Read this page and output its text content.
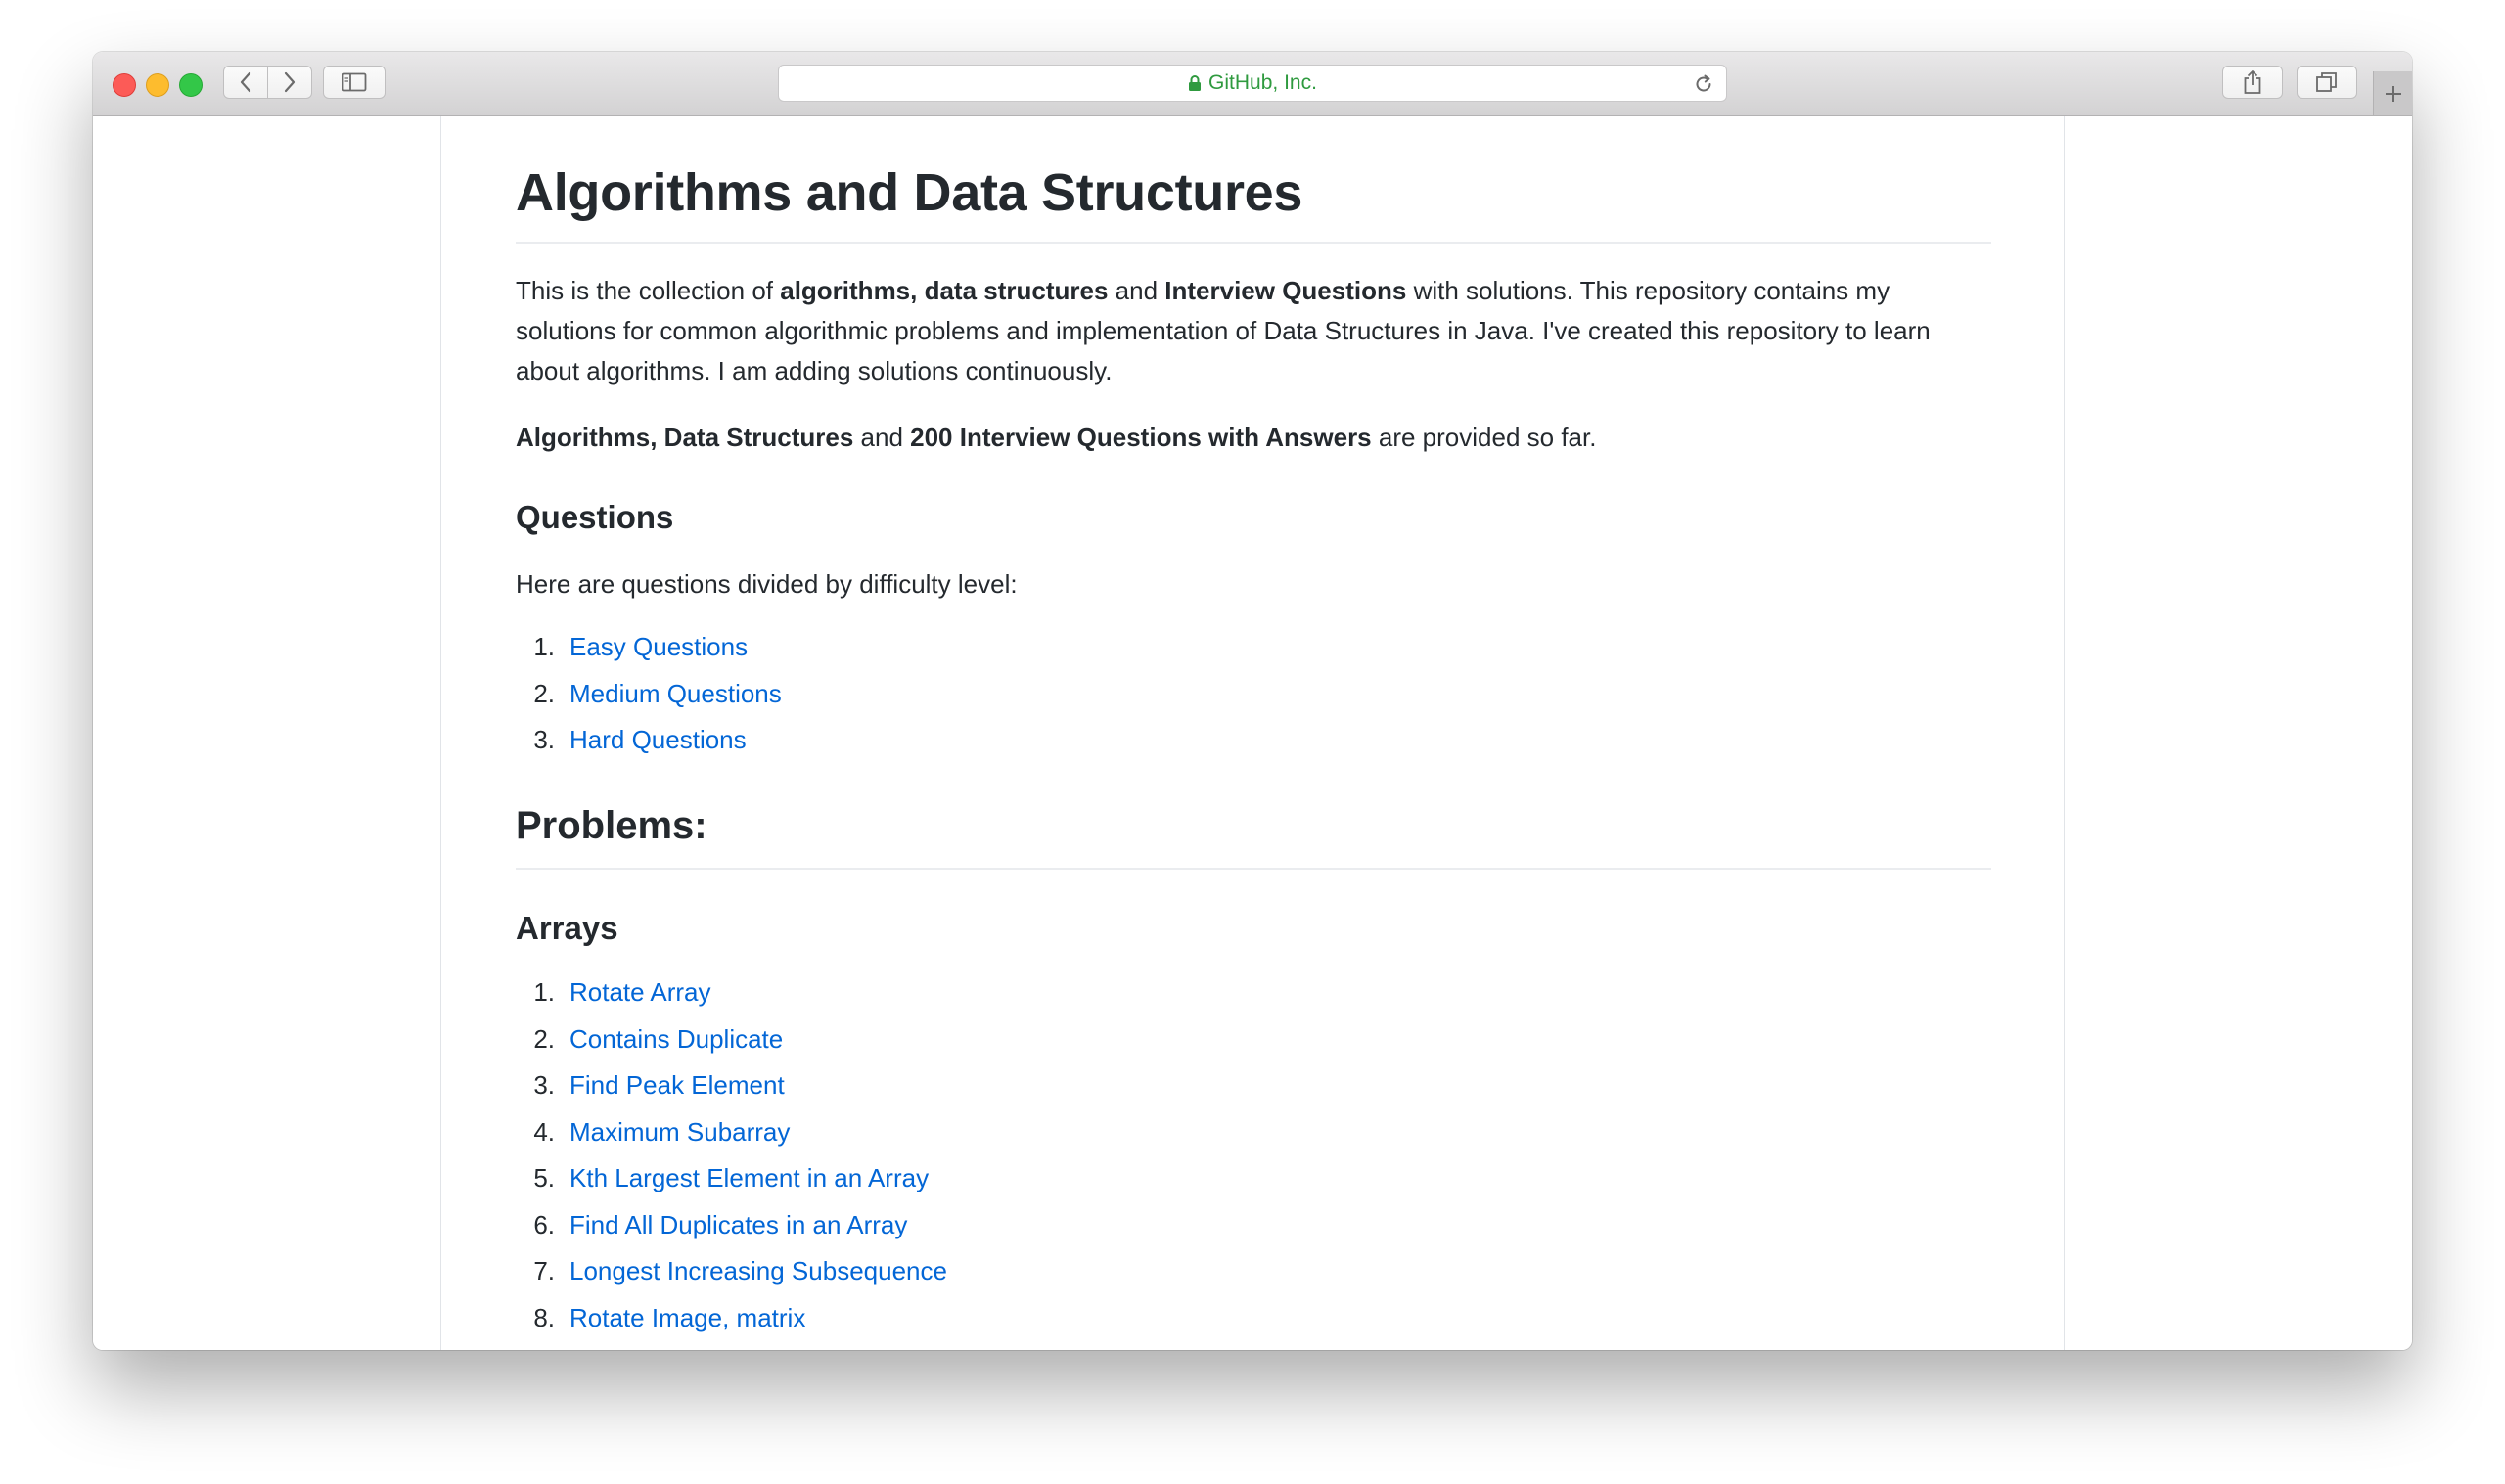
GitHub, Inc.
Algorithms and Data Structures

This is the collection of algorithms, data structures and Interview Questions with solutions. This repository contains my solutions for common algorithmic problems and implementation of Data Structures in Java. I've created this repository to learn about algorithms. I am adding solutions continuously.

Algorithms, Data Structures and 200 Interview Questions with Answers are provided so far.

Questions

Here are questions divided by difficulty level:

1. Easy Questions
2. Medium Questions
3. Hard Questions
Problems:
Arrays
1. Rotate Array
2. Contains Duplicate
3. Find Peak Element
4. Maximum Subarray
5. Kth Largest Element in an Array
6. Find All Duplicates in an Array
7. Longest Increasing Subsequence
8. Rotate Image, matrix
